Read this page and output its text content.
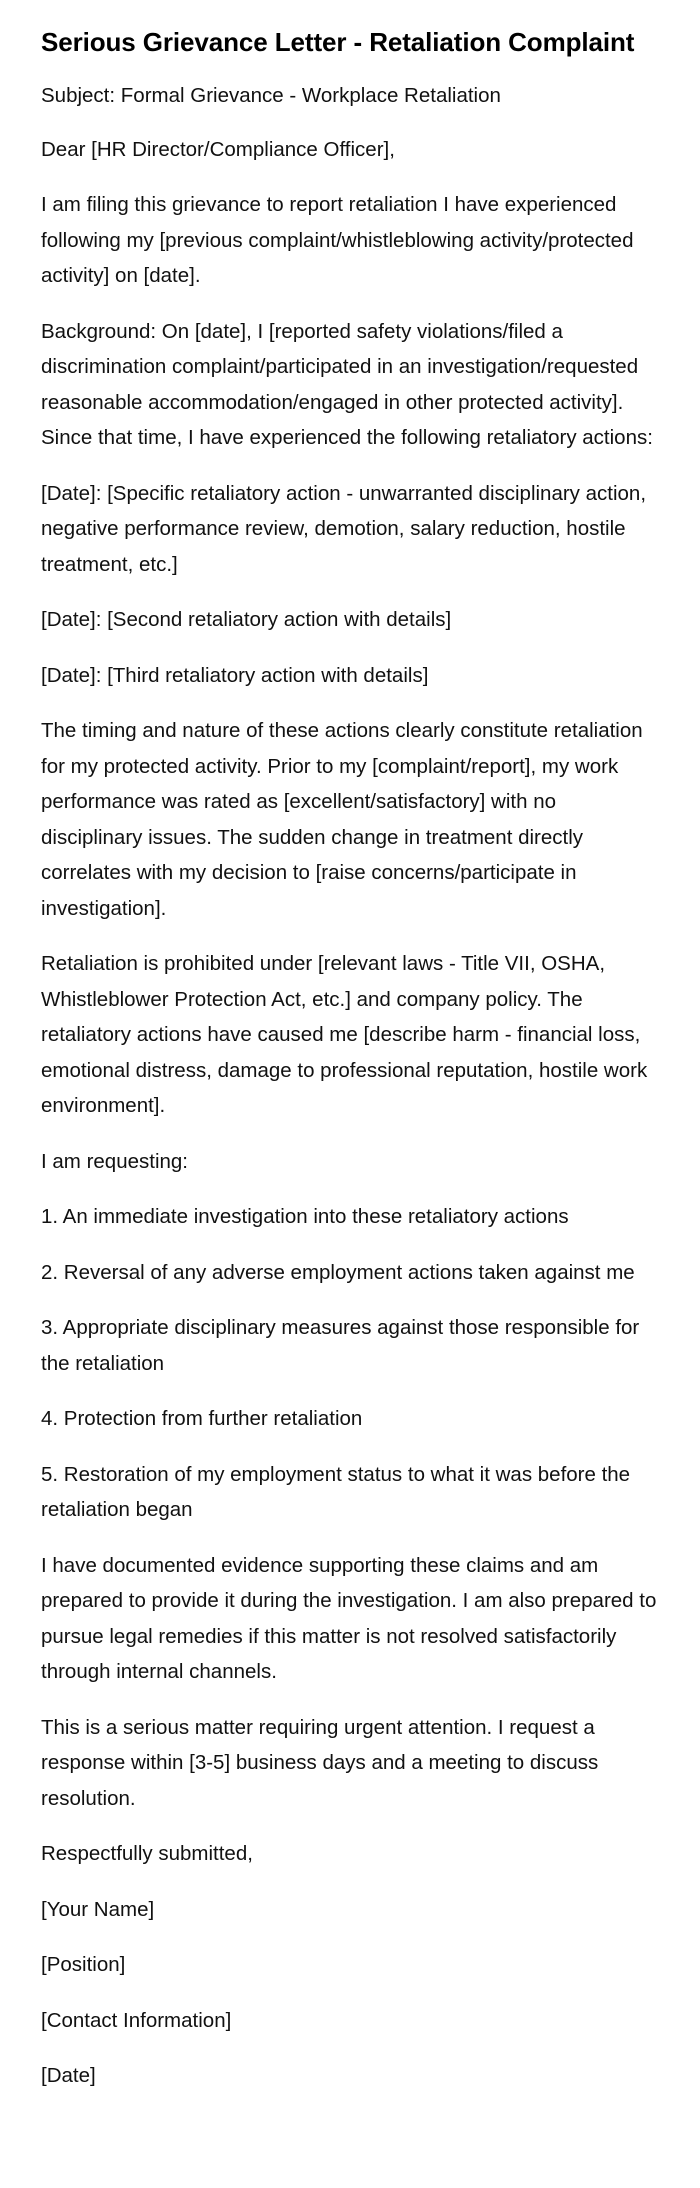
Serious Grievance Letter - Retaliation Complaint

Subject: Formal Grievance - Workplace Retaliation

Dear [HR Director/Compliance Officer],

I am filing this grievance to report retaliation I have experienced following my [previous complaint/whistleblowing activity/protected activity] on [date].

Background: On [date], I [reported safety violations/filed a discrimination complaint/participated in an investigation/requested reasonable accommodation/engaged in other protected activity]. Since that time, I have experienced the following retaliatory actions:

[Date]: [Specific retaliatory action - unwarranted disciplinary action, negative performance review, demotion, salary reduction, hostile treatment, etc.]

[Date]: [Second retaliatory action with details]

[Date]: [Third retaliatory action with details]

The timing and nature of these actions clearly constitute retaliation for my protected activity. Prior to my [complaint/report], my work performance was rated as [excellent/satisfactory] with no disciplinary issues. The sudden change in treatment directly correlates with my decision to [raise concerns/participate in investigation].

Retaliation is prohibited under [relevant laws - Title VII, OSHA, Whistleblower Protection Act, etc.] and company policy. The retaliatory actions have caused me [describe harm - financial loss, emotional distress, damage to professional reputation, hostile work environment].

I am requesting:

1. An immediate investigation into these retaliatory actions

2. Reversal of any adverse employment actions taken against me

3. Appropriate disciplinary measures against those responsible for the retaliation

4. Protection from further retaliation

5. Restoration of my employment status to what it was before the retaliation began

I have documented evidence supporting these claims and am prepared to provide it during the investigation. I am also prepared to pursue legal remedies if this matter is not resolved satisfactorily through internal channels.

This is a serious matter requiring urgent attention. I request a response within [3-5] business days and a meeting to discuss resolution.

Respectfully submitted,

[Your Name]

[Position]

[Contact Information]

[Date]
